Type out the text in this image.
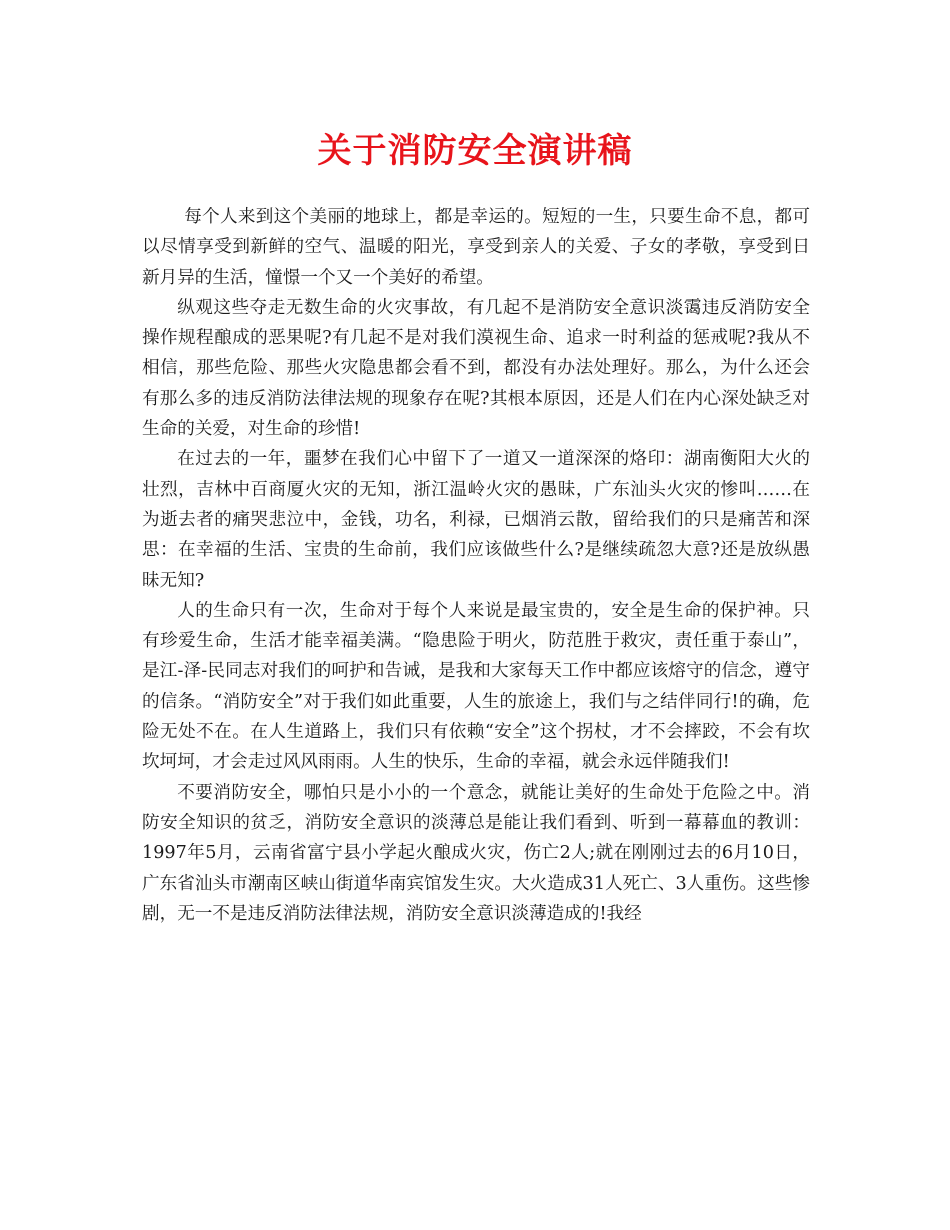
关于消防安全演讲稿

每个人来到这个美丽的地球上，都是幸运的。短短的一生，只要生命不息，都可以尽情享受到新鲜的空气、温暖的阳光，享受到亲人的关爱、子女的孝敬，享受到日新月异的生活，憧憬一个又一个美好的希望。

纵观这些夺走无数生命的火灾事故，有几起不是消防安全意识淡霭违反消防安全操作规程酿成的恶果呢?有几起不是对我们漠视生命、追求一时利益的惩戒呢?我从不相信，那些危险、那些火灾隐患都会看不到，都没有办法处理好。那么，为什么还会有那么多的违反消防法律法规的现象存在呢?其根本原因，还是人们在内心深处缺乏对生命的关爱，对生命的珍惜!

在过去的一年，噩梦在我们心中留下了一道又一道深深的烙印：湖南衡阳大火的壮烈，吉林中百商厦火灾的无知，浙江温岭火灾的愚昧，广东汕头火灾的惨叫……在为逝去者的痛哭悲泣中，金钱，功名，利禄，已烟消云散，留给我们的只是痛苦和深思：在幸福的生活、宝贵的生命前，我们应该做些什么?是继续疏忽大意?还是放纵愚昧无知?

人的生命只有一次，生命对于每个人来说是最宝贵的，安全是生命的保护神。只有珍爱生命，生活才能幸福美满。“隐患险于明火，防范胜于救灾，责任重于泰山”，是江-泽-民同志对我们的呵护和告诫，是我和大家每天工作中都应该熔守的信念，遵守的信条。“消防安全”对于我们如此重要，人生的旅途上，我们与之结伴同行!的确，危险无处不在。在人生道路上，我们只有依赖“安全”这个拐杖，才不会摔跤，不会有坎坎坷坷，才会走过风风雨雨。人生的快乐，生命的幸福，就会永远伴随我们!

不要消防安全，哪怕只是小小的一个意念，就能让美好的生命处于危险之中。消防安全知识的贫乏，消防安全意识的淡薄总是能让我们看到、听到一幕幕血的教训：1997年5月，云南省富宁县小学起火酿成火灾，伤亡2人;就在刚刚过去的6月10日，广东省汕头市潮南区峡山街道华南宾馆发生灾。大火造成31人死亡、3人重伤。这些惨剧，无一不是违反消防法律法规，消防安全意识淡薄造成的!我经
